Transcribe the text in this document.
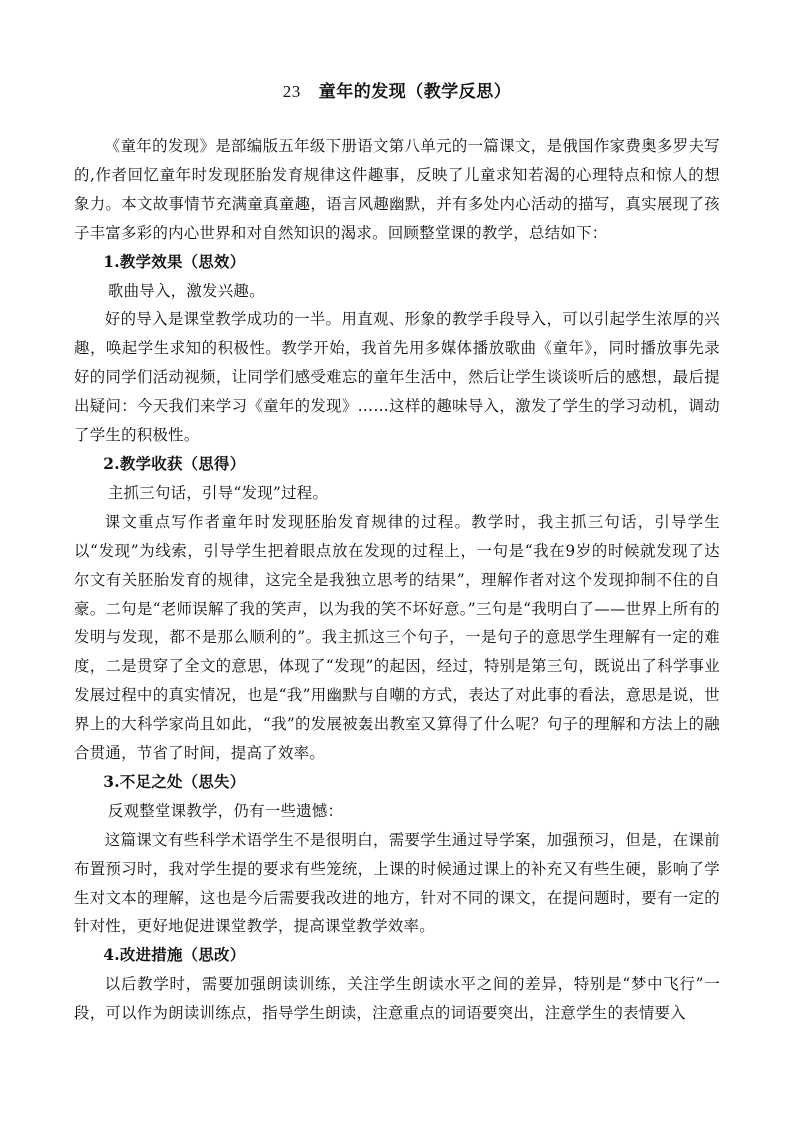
23 童年的发现（教学反思）

《童年的发现》是部编版五年级下册语文第八单元的一篇课文，是俄国作家费奥多罗夫写的,作者回忆童年时发现胚胎发育规律这件趣事，反映了儿童求知若渴的心理特点和惊人的想象力。本文故事情节充满童真童趣，语言风趣幽默，并有多处内心活动的描写，真实展现了孩子丰富多彩的内心世界和对自然知识的渴求。回顾整堂课的教学，总结如下：

1.教学效果（思效）

歌曲导入，激发兴趣。

好的导入是课堂教学成功的一半。用直观、形象的教学手段导入，可以引起学生浓厚的兴趣，唤起学生求知的积极性。教学开始，我首先用多媒体播放歌曲《童年》，同时播放事先录好的同学们活动视频，让同学们感受难忘的童年生活中，然后让学生谈谈听后的感想，最后提出疑问：今天我们来学习《童年的发现》……这样的趣味导入，激发了学生的学习动机，调动了学生的积极性。

2.教学收获（思得）

主抓三句话，引导“发现”过程。

课文重点写作者童年时发现胚胎发育规律的过程。教学时，我主抓三句话，引导学生以“发现”为线索，引导学生把着眼点放在发现的过程上，一句是“我在9岁的时候就发现了达尔文有关胚胎发育的规律，这完全是我独立思考的结果”，理解作者对这个发现抑制不住的自豪。二句是“老师误解了我的笑声，以为我的笑不坏好意。”三句是“我明白了——世界上所有的发明与发现，都不是那么顺利的”。我主抓这三个句子，一是句子的意思学生理解有一定的难度，二是贯穿了全文的意思，体现了“发现”的起因，经过，特别是第三句，既说出了科学事业发展过程中的真实情况，也是“我”用幽默与自嘲的方式，表达了对此事的看法，意思是说，世界上的大科学家尚且如此，“我”的发展被轰出教室又算得了什么呢？句子的理解和方法上的融合贯通，节省了时间，提高了效率。

3.不足之处（思失）

反观整堂课教学，仍有一些遗憾：

这篇课文有些科学术语学生不是很明白，需要学生通过导学案，加强预习，但是，在课前布置预习时，我对学生提的要求有些笼统，上课的时候通过课上的补充又有些生硬，影响了学生对文本的理解，这也是今后需要我改进的地方，针对不同的课文，在提问题时，要有一定的针对性，更好地促进课堂教学，提高课堂教学效率。

4.改进措施（思改）

以后教学时，需要加强朗读训练，关注学生朗读水平之间的差异，特别是“梦中飞行”一段，可以作为朗读训练点，指导学生朗读，注意重点的词语要突出，注意学生的表情要入
